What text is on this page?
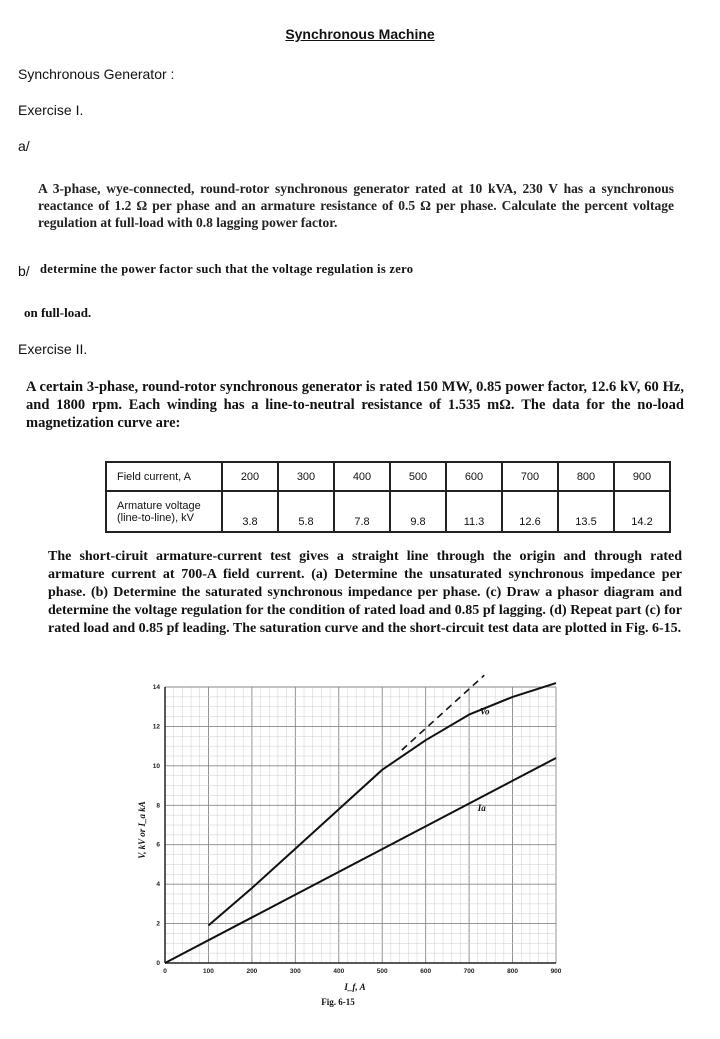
Synchronous Machine
Synchronous Generator :
Exercise I.
a/
A 3-phase, wye-connected, round-rotor synchronous generator rated at 10 kVA, 230 V has a synchronous reactance of 1.2 Ω per phase and an armature resistance of 0.5 Ω per phase. Calculate the percent voltage regulation at full-load with 0.8 lagging power factor.
b/ determine the power factor such that the voltage regulation is zero
on full-load.
Exercise II.
A certain 3-phase, round-rotor synchronous generator is rated 150 MW, 0.85 power factor, 12.6 kV, 60 Hz, and 1800 rpm. Each winding has a line-to-neutral resistance of 1.535 mΩ. The data for the no-load magnetization curve are:
Field current, A	200	300	400	500	600	700	800	900

Armature voltage
(line-to-line), kV	3.8	5.8	7.8	9.8	11.3	12.6	13.5	14.2
The short-ciruit armature-current test gives a straight line through the origin and through rated armature current at 700-A field current. (a) Determine the unsaturated synchronous impedance per phase. (b) Determine the saturated synchronous impedance per phase. (c) Draw a phasor diagram and determine the voltage regulation for the condition of rated load and 0.85 pf lagging. (d) Repeat part (c) for rated load and 0.85 pf leading. The saturation curve and the short-circuit test data are plotted in Fig. 6-15.
0	100	200	300	400	500	600	700	800	900
0
2
4
6
8
10
12
14
Vo
Ia
I_f, A
V, kV or I_a kA
Fig. 6-15
